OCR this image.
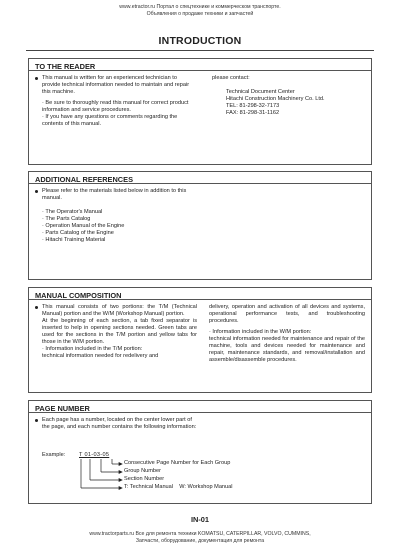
www.etractor.ru Портал о спецтехнике и коммерческом транспорте.
Объявления о продаже техники и запчастей
INTRODUCTION
TO THE READER
This manual is written for an experienced technician to provide technical information needed to maintain and repair this machine.
· Be sure to thoroughly read this manual for correct product information and service procedures.
· If you have any questions or comments regarding the contents of this manual.
please contact:
Technical Document Center
Hitachi Construction Machinery Co. Ltd.
TEL: 81-298-32-7173
FAX: 81-298-31-1162
ADDITIONAL REFERENCES
Please refer to the materials listed below in addition to this manual.
· The Operator's Manual
· The Parts Catalog
· Operation Manual of the Engine
· Parts Catalog of the Engine
· Hitachi Training Material
MANUAL COMPOSITION
This manual consists of two portions: the T/M (Technical Manual) portion and the W/M (Workshop Manual) portion.
At the beginning of each section, a tab fixed separator is inserted to help in opening sections needed. Green tabs are used for the sections in the T/M portion and yellow tabs for those in the W/M portion.
· Information included in the T/M portion:
technical information needed for redelivery and
delivery, operation and activation of all devices and systems, operational performance tests, and troubleshooting procedures.
· Information included in the W/M portion:
technical information needed for maintenance and repair of the machine, tools and devices needed for maintenance and repair, maintenance standards, and removal/installation and assemble/disassemble procedures.
PAGE NUMBER
Each page has a number, located on the center lower part of the page, and each number contains the following information:
Example: T 01-03-05
Consecutive Page Number for Each Group
Group Number
Section Number
T: Technical Manual    W: Workshop Manual
IN-01
www.tractorparts.ru Все для ремонта техники KOMATSU, CATERPILLAR, VOLVO, CUMMINS,
Запчасти, оборудование, документация для ремонта
